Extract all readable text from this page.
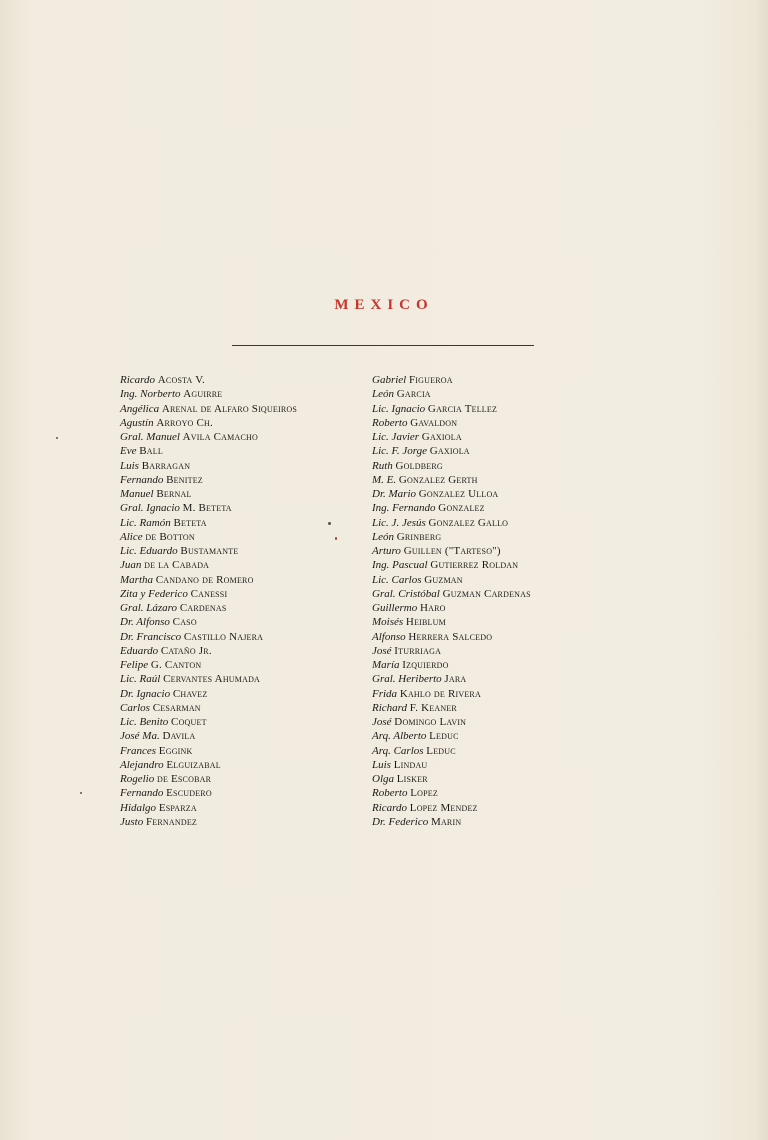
MEXICO
Ricardo Acosta V.
Ing. Norberto Aguirre
Angélica Arenal de Alfaro Siqueiros
Agustín Arroyo Ch.
Gral. Manuel Avila Camacho
Eve Ball
Luis Barragan
Fernando Benitez
Manuel Bernal
Gral. Ignacio M. Beteta
Lic. Ramón Beteta
Alice de Botton
Lic. Eduardo Bustamante
Juan de la Cabada
Martha Candano de Romero
Zita y Federico Canessi
Gral. Lázaro Cardenas
Dr. Alfonso Caso
Dr. Francisco Castillo Najera
Eduardo Cataño Jr.
Felipe G. Canton
Lic. Raúl Cervantes Ahumada
Dr. Ignacio Chavez
Carlos Cesarman
Lic. Benito Coquet
José Ma. Davila
Frances Eggink
Alejandro Elguizabal
Rogelio de Escobar
Fernando Escudero
Hidalgo Esparza
Justo Fernandez
Gabriel Figueroa
León Garcia
Lic. Ignacio Garcia Tellez
Roberto Gavaldon
Lic. Javier Gaxiola
Lic. F. Jorge Gaxiola
Ruth Goldberg
M. E. Gonzalez Gerth
Dr. Mario Gonzalez Ulloa
Ing. Fernando Gonzalez
Lic. J. Jesús Gonzalez Gallo
León Grinberg
Arturo Guillen ("Tarteso")
Ing. Pascual Gutierrez Roldan
Lic. Carlos Guzman
Gral. Cristóbal Guzman Cardenas
Guillermo Haro
Moisés Heiblum
Alfonso Herrera Salcedo
José Iturriaga
María Izquierdo
Gral. Heriberto Jara
Frida Kahlo de Rivera
Richard F. Keaner
José Domingo Lavin
Arq. Alberto Leduc
Arq. Carlos Leduc
Luis Lindau
Olga Lisker
Roberto Lopez
Ricardo Lopez Mendez
Dr. Federico Marin
